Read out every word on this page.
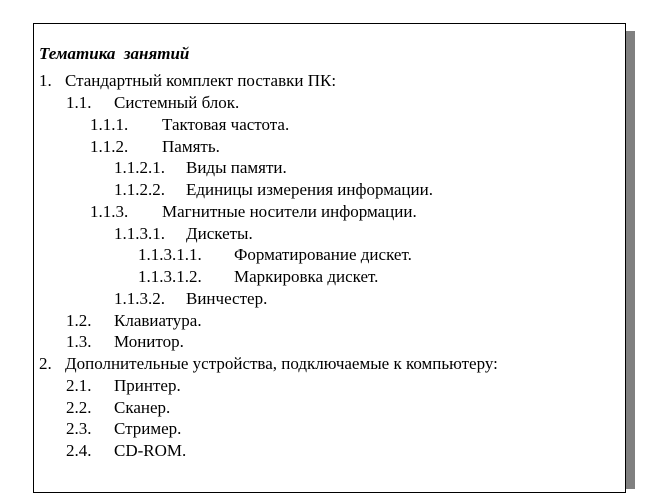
Тематика  занятий
1. Стандартный комплект поставки ПК:
1.1. Системный блок.
1.1.1. Тактовая частота.
1.1.2. Память.
1.1.2.1. Виды памяти.
1.1.2.2. Единицы измерения информации.
1.1.3. Магнитные носители информации.
1.1.3.1. Дискеты.
1.1.3.1.1. Форматирование дискет.
1.1.3.1.2. Маркировка дискет.
1.1.3.2. Винчестер.
1.2. Клавиатура.
1.3. Монитор.
2. Дополнительные устройства, подключаемые к компьютеру:
2.1. Принтер.
2.2. Сканер.
2.3. Стример.
2.4. CD-ROM.
